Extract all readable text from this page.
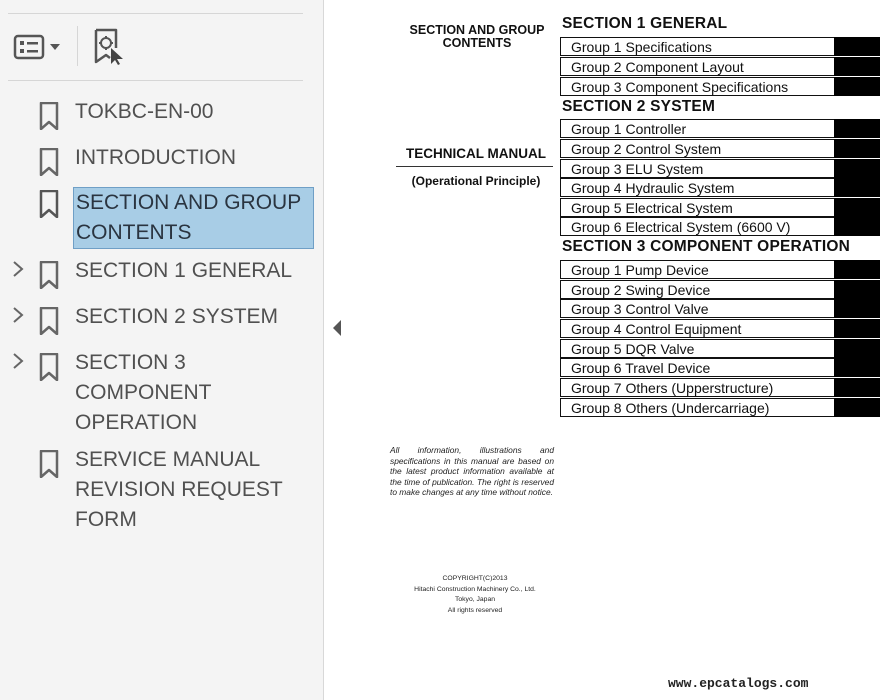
TOKBC-EN-00
INTRODUCTION
SECTION AND GROUP
CONTENTS
SECTION 1 GENERAL
SECTION 2 SYSTEM
SECTION 3
COMPONENT
OPERATION
SERVICE MANUAL
REVISION REQUEST
FORM
SECTION AND GROUP
CONTENTS
TECHNICAL MANUAL
(Operational Principle)
SECTION 1 GENERAL
Group 1 Specifications
Group 2 Component Layout
Group 3 Component Specifications
SECTION 2 SYSTEM
Group 1 Controller
Group 2 Control System
Group 3 ELU System
Group 4 Hydraulic System
Group 5 Electrical System
Group 6 Electrical System (6600 V)
SECTION 3 COMPONENT OPERATION
Group 1 Pump Device
Group 2 Swing Device
Group 3 Control Valve
Group 4 Control Equipment
Group 5 DQR Valve
Group 6 Travel Device
Group 7 Others (Upperstructure)
Group 8 Others (Undercarriage)
All information, illustrations and specifications in this manual are based on the latest product information available at the time of publication. The right is reserved to make changes at any time without notice.
COPYRIGHT(C)2013
Hitachi Construction Machinery Co., Ltd.
Tokyo, Japan
All rights reserved
www.epcatalogs.com
